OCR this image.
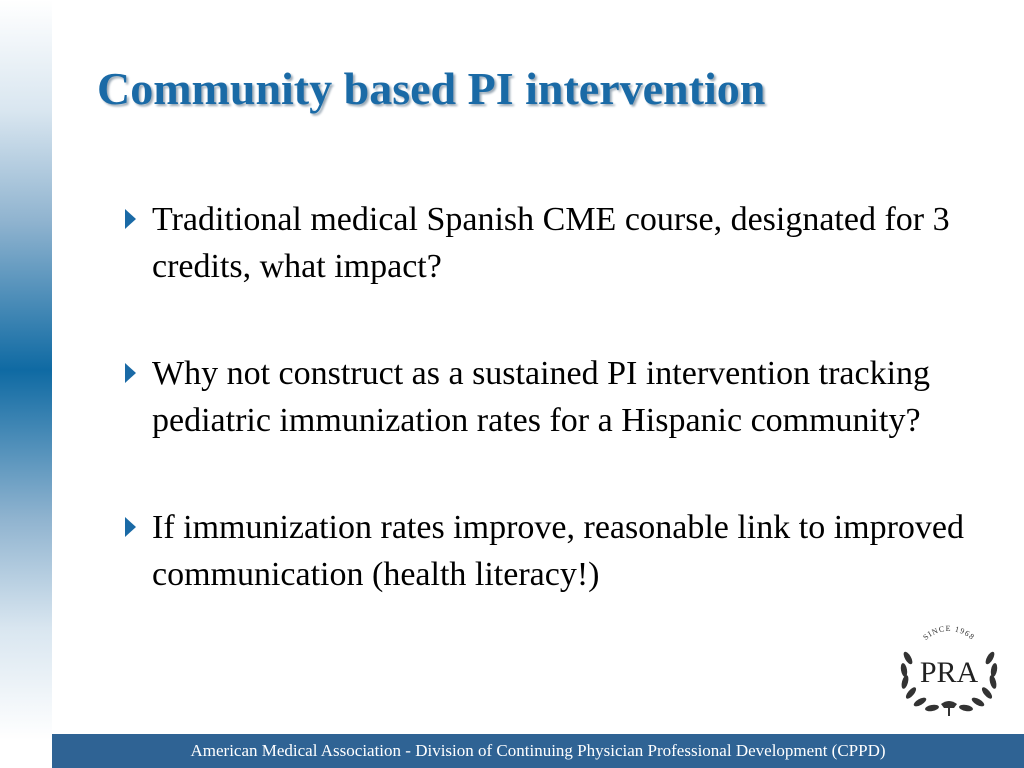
Community based PI intervention
Traditional medical Spanish CME course, designated for 3 credits, what impact?
Why not construct as a sustained PI intervention tracking pediatric immunization rates for a Hispanic community?
If immunization rates improve, reasonable link to improved communication (health literacy!)
SINCE 1968
PRA
American Medical Association - Division of Continuing Physician Professional Development (CPPD)
